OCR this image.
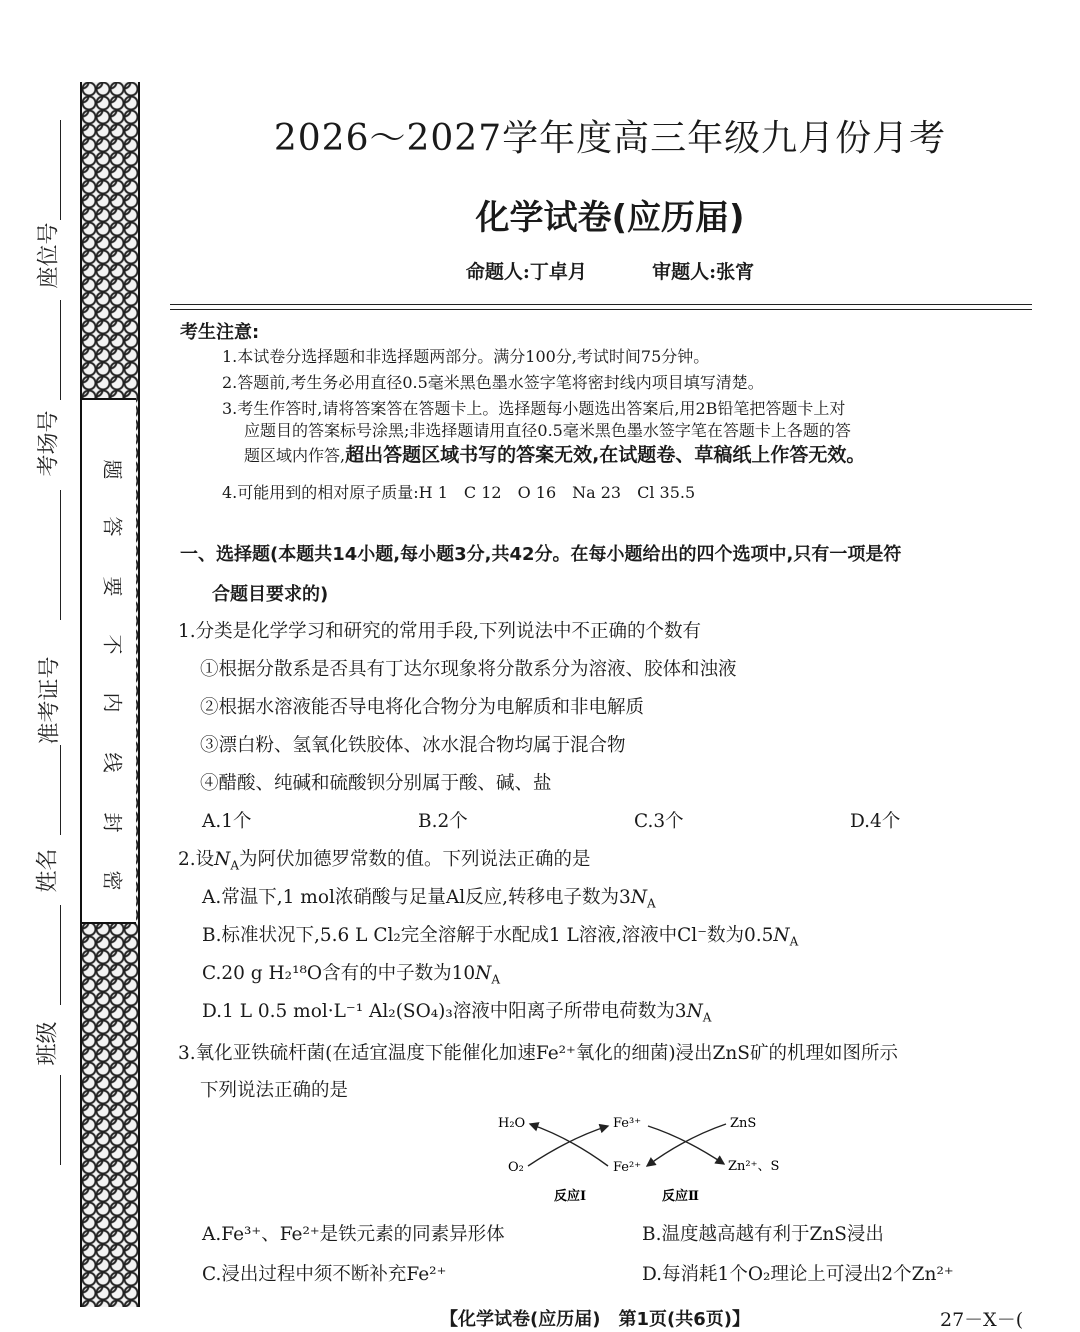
题
答
要
不
内
线
封
密
座位号
考场号
准考证号
姓名
班级
2026～2027学年度高三年级九月份月考
化学试卷(应历届)
命题人:丁卓月	审题人:张宵
考生注意:
1.本试卷分选择题和非选择题两部分。满分100分,考试时间75分钟。
2.答题前,考生务必用直径0.5毫米黑色墨水签字笔将密封线内项目填写清楚。
3.考生作答时,请将答案答在答题卡上。选择题每小题选出答案后,用2B铅笔把答题卡上对
应题目的答案标号涂黑;非选择题请用直径0.5毫米黑色墨水签字笔在答题卡上各题的答
题区域内作答,超出答题区域书写的答案无效,在试题卷、草稿纸上作答无效。
4.可能用到的相对原子质量:H 1　C 12　O 16　Na 23　Cl 35.5
一、选择题(本题共14小题,每小题3分,共42分。在每小题给出的四个选项中,只有一项是符
合题目要求的)
1.分类是化学学习和研究的常用手段,下列说法中不正确的个数有
①根据分散系是否具有丁达尔现象将分散系分为溶液、胶体和浊液
②根据水溶液能否导电将化合物分为电解质和非电解质
③漂白粉、氢氧化铁胶体、冰水混合物均属于混合物
④醋酸、纯碱和硫酸钡分别属于酸、碱、盐
A.1个	B.2个	C.3个	D.4个
2.设$N_A$为阿伏加德罗常数的值。下列说法正确的是
A.常温下,1 mol浓硝酸与足量Al反应,转移电子数为$3N_A$
B.标准状况下,5.6 L Cl₂完全溶解于水配成1 L溶液,溶液中Cl⁻数为$0.5N_A$
C.20 g H₂¹⁸O含有的中子数为$10N_A$
D.1 L 0.5 mol·L⁻¹ Al₂(SO₄)₃溶液中阳离子所带电荷数为$3N_A$
3.氧化亚铁硫杆菌(在适宜温度下能催化加速Fe²⁺氧化的细菌)浸出ZnS矿的机理如图所示
下列说法正确的是
H₂O
O₂
Fe³⁺
Fe²⁺
ZnS
Zn²⁺、S
反应Ⅰ	反应Ⅱ
A.Fe³⁺、Fe²⁺是铁元素的同素异形体	B.温度越高越有利于ZnS浸出
C.浸出过程中须不断补充Fe²⁺	D.每消耗1个O₂理论上可浸出2个Zn²⁺
【化学试卷(应历届)　第1页(共6页)】	27－X－(
